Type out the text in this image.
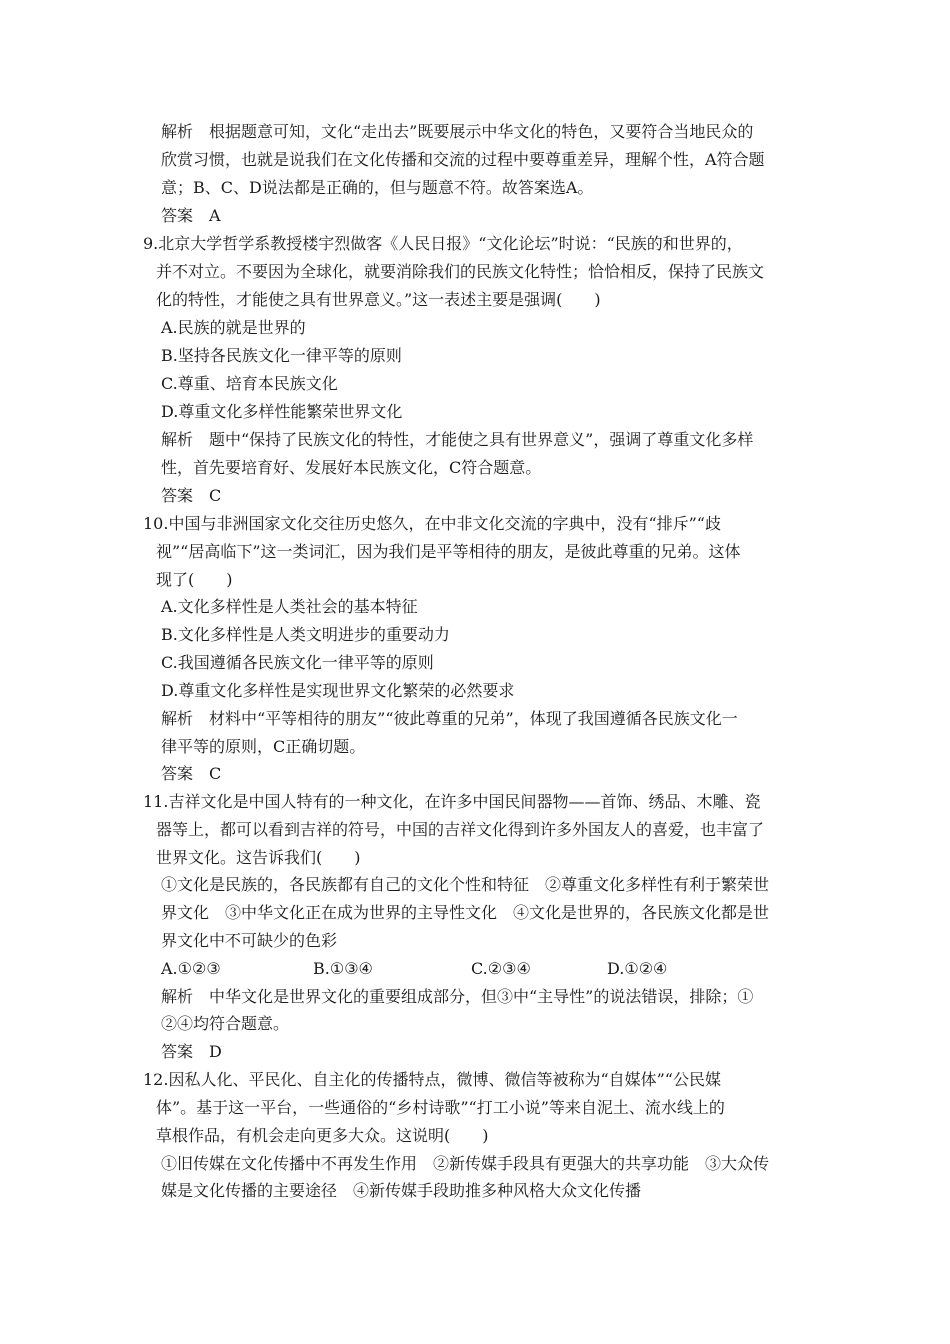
解析　根据题意可知，文化“走出去”既要展示中华文化的特色，又要符合当地民众的
欣赏习惯，也就是说我们在文化传播和交流的过程中要尊重差异，理解个性，A符合题
意；B、C、D说法都是正确的，但与题意不符。故答案选A。
答案　A
9.北京大学哲学系教授楼宇烈做客《人民日报》“文化论坛”时说：“民族的和世界的，
并不对立。不要因为全球化，就要消除我们的民族文化特性；恰恰相反，保持了民族文
化的特性，才能使之具有世界意义。”这一表述主要是强调(　　)
A.民族的就是世界的
B.坚持各民族文化一律平等的原则
C.尊重、培育本民族文化
D.尊重文化多样性能繁荣世界文化
解析　题中“保持了民族文化的特性，才能使之具有世界意义”，强调了尊重文化多样
性，首先要培育好、发展好本民族文化，C符合题意。
答案　C
10.中国与非洲国家文化交往历史悠久，在中非文化交流的字典中，没有“排斥”“歧
视”“居高临下”这一类词汇，因为我们是平等相待的朋友，是彼此尊重的兄弟。这体
现了(　　)
A.文化多样性是人类社会的基本特征
B.文化多样性是人类文明进步的重要动力
C.我国遵循各民族文化一律平等的原则
D.尊重文化多样性是实现世界文化繁荣的必然要求
解析　材料中“平等相待的朋友”“彼此尊重的兄弟”，体现了我国遵循各民族文化一
律平等的原则，C正确切题。
答案　C
11.吉祥文化是中国人特有的一种文化，在许多中国民间器物——首饰、绣品、木雕、瓷
器等上，都可以看到吉祥的符号，中国的吉祥文化得到许多外国友人的喜爱，也丰富了
世界文化。这告诉我们(　　)
①文化是民族的，各民族都有自己的文化个性和特征　②尊重文化多样性有利于繁荣世
界文化　③中华文化正在成为世界的主导性文化　④文化是世界的，各民族文化都是世
界文化中不可缺少的色彩
A.①②③	B.①③④	C.②③④	D.①②④
解析　中华文化是世界文化的重要组成部分，但③中“主导性”的说法错误，排除；①
②④均符合题意。
答案　D
12.因私人化、平民化、自主化的传播特点，微博、微信等被称为“自媒体”“公民媒
体”。基于这一平台，一些通俗的“乡村诗歌”“打工小说”等来自泥土、流水线上的
草根作品，有机会走向更多大众。这说明(　　)
①旧传媒在文化传播中不再发生作用　②新传媒手段具有更强大的共享功能　③大众传
媒是文化传播的主要途径　④新传媒手段助推多种风格大众文化传播
